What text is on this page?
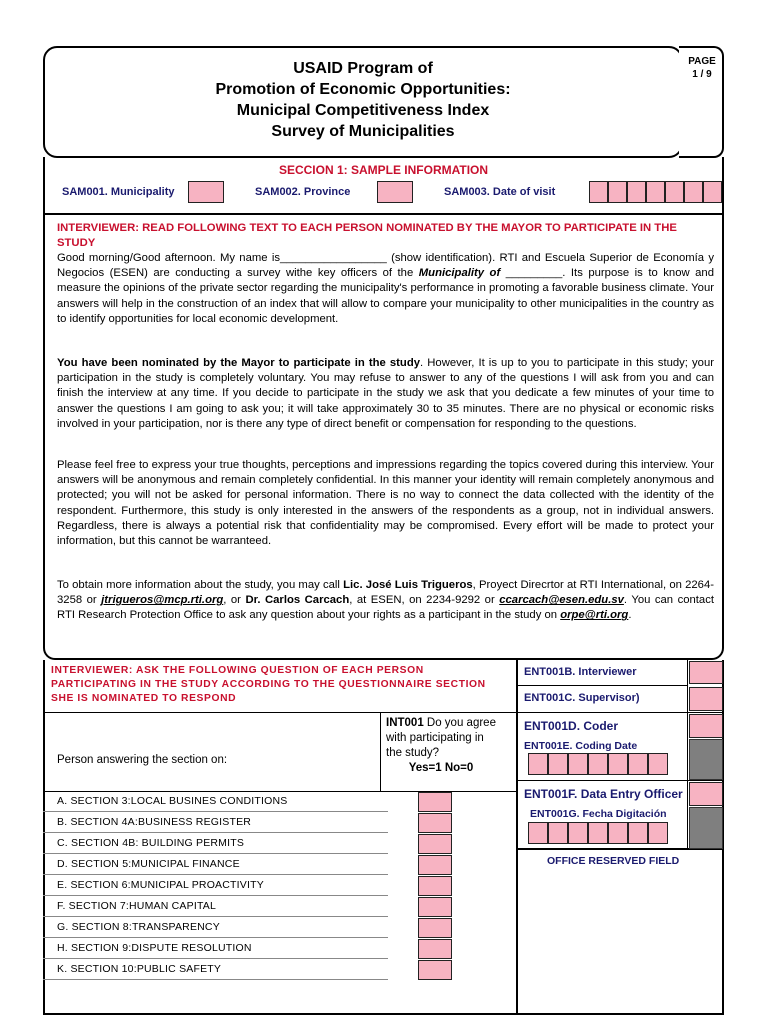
USAID Program of
Promotion of Economic Opportunities:
Municipal Competitiveness Index
Survey of Municipalities
PAGE
1 / 9
SECCION 1: SAMPLE INFORMATION
SAM001. Municipality	SAM002. Province	SAM003. Date of visit
INTERVIEWER: READ FOLLOWING TEXT TO EACH PERSON NOMINATED BY THE MAYOR TO PARTICIPATE IN THE STUDY
Good morning/Good afternoon. My name is_________________ (show identification). RTI and Escuela Superior de Economía y Negocios (ESEN) are conducting a survey withe key officers of the Municipality of _________. Its purpose is to know and measure the opinions of the private sector regarding the municipality's performance in promoting a favorable business climate. Your answers will help in the construction of an index that will allow to compare your municipality to other municipalities in the country as to identify opportunities for local economic development.
You have been nominated by the Mayor to participate in the study. However, It is up to you to participate in this study; your participation in the study is completely voluntary. You may refuse to answer to any of the questions I will ask from you and can finish the interview at any time. If you decide to participate in the study we ask that you dedicate a few minutes of your time to answer the questions I am going to ask you; it will take approximately 30 to 35 minutes. There are no physical or economic risks involved in your participation, nor is there any type of direct benefit or compensation for responding to the questions.
Please feel free to express your true thoughts, perceptions and impressions regarding the topics covered during this interview. Your answers will be anonymous and remain completely confidential. In this manner your identity will remain completely anonymous and protected; you will not be asked for personal information. There is no way to connect the data collected with the identity of the respondent. Furthermore, this study is only interested in the answers of the respondents as a group, not in individual answers. Regardless, there is always a potential risk that confidentiality may be compromised. Every effort will be made to protect your information, but this cannot be warranteed.
To obtain more information about the study, you may call Lic. José Luis Trigueros, Proyect Direcrtor at RTI International, on 2264-3258 or jtrigueros@mcp.rti.org, or Dr. Carlos Carcach, at ESEN, on 2234-9292 or ccarcach@esen.edu.sv. You can contact RTI Research Protection Office to ask any question about your rights as a participant in the study on orpe@rti.org.
INTERVIEWER: ASK THE FOLLOWING QUESTION OF EACH PERSON PARTICIPATING IN THE STUDY ACCORDING TO THE QUESTIONNAIRE SECTION SHE IS NOMINATED TO RESPOND
Person answering the section on:
INT001 Do you agree with participating in the study?
Yes=1 No=0
A. SECTION 3:LOCAL BUSINES CONDITIONS
B. SECTION 4A:BUSINESS REGISTER
C. SECTION 4B: BUILDING PERMITS
D. SECTION 5:MUNICIPAL FINANCE
E. SECTION 6:MUNICIPAL PROACTIVITY
F. SECTION 7:HUMAN CAPITAL
G. SECTION 8:TRANSPARENCY
H. SECTION 9:DISPUTE RESOLUTION
K. SECTION 10:PUBLIC SAFETY
ENT001B. Interviewer
ENT001C. Supervisor)
ENT001D. Coder
ENT001E. Coding Date
ENT001F. Data Entry Officer
ENT001G. Fecha Digitación
OFFICE RESERVED FIELD
